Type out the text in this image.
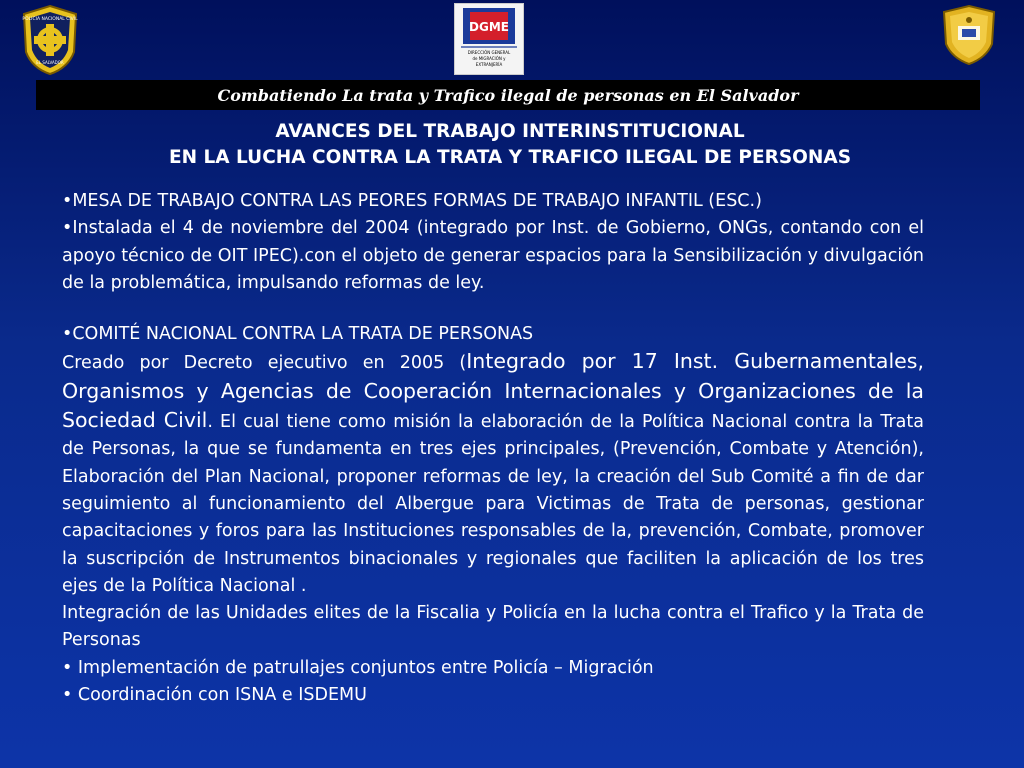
POLICIA NACIONAL CIVIL
EL SALVADOR
DGME
DIRECCIÓN GENERAL
de MIGRACIÓN y
EXTRANJERÍA
Combatiendo La trata y Trafico ilegal de personas en El Salvador
AVANCES DEL TRABAJO INTERINSTITUCIONAL
EN LA LUCHA CONTRA LA TRATA Y TRAFICO ILEGAL DE PERSONAS

•MESA DE TRABAJO CONTRA LAS PEORES FORMAS DE TRABAJO INFANTIL (ESC.)

•Instalada el 4 de noviembre del 2004 (integrado por Inst. de Gobierno, ONGs, contando con el apoyo técnico de OIT IPEC).con el objeto de generar espacios para la Sensibilización y divulgación de la problemática, impulsando reformas de ley.

•COMITÉ NACIONAL CONTRA LA TRATA DE PERSONAS

Creado por Decreto ejecutivo en 2005 (Integrado por 17 Inst. Gubernamentales, Organismos y Agencias de Cooperación Internacionales y Organizaciones de la Sociedad Civil. El cual tiene como misión la elaboración de la Política Nacional contra la Trata de Personas, la que se fundamenta en tres ejes principales, (Prevención, Combate y Atención), Elaboración del Plan Nacional, proponer reformas de ley, la creación del Sub Comité a fin de dar seguimiento al funcionamiento del Albergue para Victimas de Trata de personas, gestionar capacitaciones y foros para las Instituciones responsables de la, prevención, Combate, promover la suscripción de Instrumentos binacionales y regionales que faciliten la aplicación de los tres ejes de la Política Nacional .

Integración de las Unidades elites de la Fiscalia y Policía en la lucha contra el Trafico y la Trata de Personas

• Implementación de patrullajes conjuntos entre Policía – Migración

• Coordinación con ISNA e ISDEMU
